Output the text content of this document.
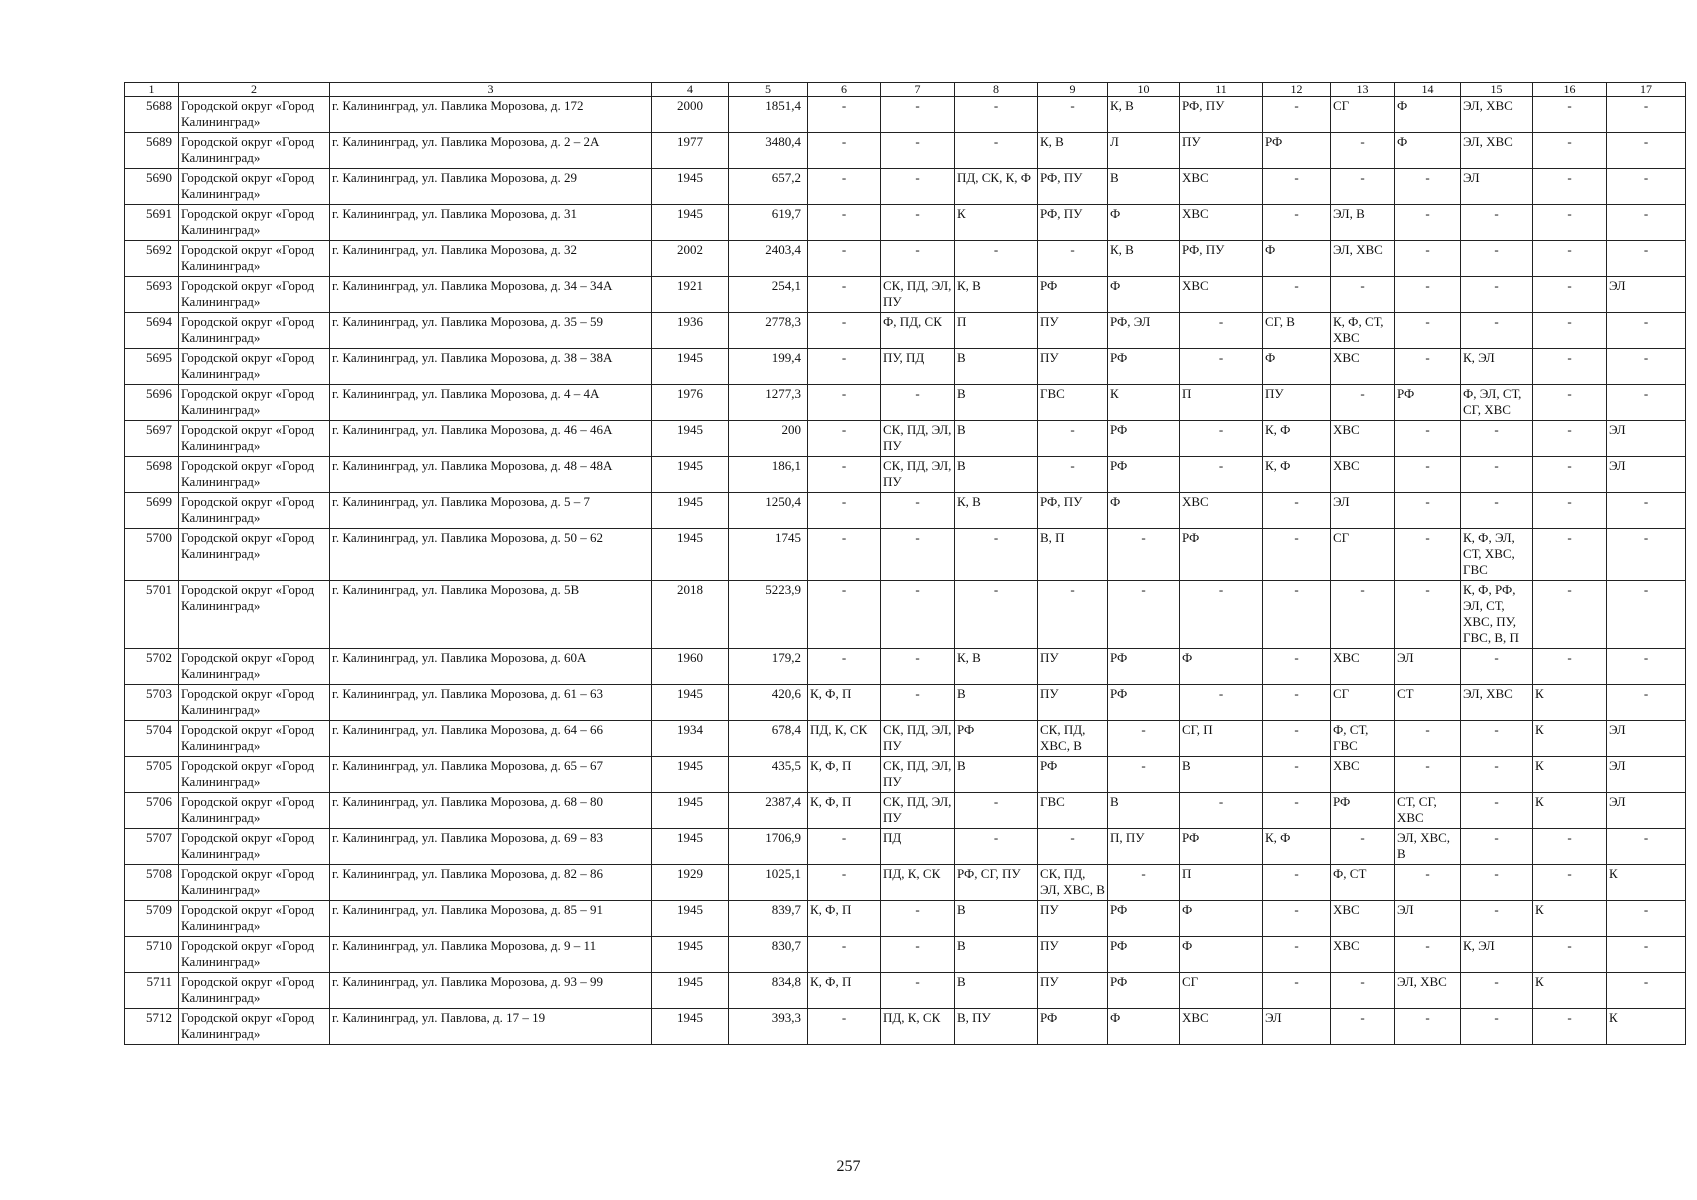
1	2	3	4	5	6	7	8	9	10	11	12	13	14	15	16	17
5688	Городской округ «Город Калининград»	г. Калининград, ул. Павлика Морозова, д. 172	2000	1851,4	-	-	-	-	К, В	РФ, ПУ	-	СГ	Ф	ЭЛ, ХВС	-	-
5689	Городской округ «Город Калининград»	г. Калининград, ул. Павлика Морозова, д. 2 – 2А	1977	3480,4	-	-	-	К, В	Л	ПУ	РФ	-	Ф	ЭЛ, ХВС	-	-
5690	Городской округ «Город Калининград»	г. Калининград, ул. Павлика Морозова, д. 29	1945	657,2	-	-	ПД, СК, К, Ф	РФ, ПУ	В	ХВС	-	-	-	ЭЛ	-	-
5691	Городской округ «Город Калининград»	г. Калининград, ул. Павлика Морозова, д. 31	1945	619,7	-	-	К	РФ, ПУ	Ф	ХВС	-	ЭЛ, В	-	-	-	-
5692	Городской округ «Город Калининград»	г. Калининград, ул. Павлика Морозова, д. 32	2002	2403,4	-	-	-	-	К, В	РФ, ПУ	Ф	ЭЛ, ХВС	-	-	-	-
5693	Городской округ «Город Калининград»	г. Калининград, ул. Павлика Морозова, д. 34 – 34А	1921	254,1	-	СК, ПД, ЭЛ, ПУ	К, В	РФ	Ф	ХВС	-	-	-	-	-	ЭЛ
5694	Городской округ «Город Калининград»	г. Калининград, ул. Павлика Морозова, д. 35 – 59	1936	2778,3	-	Ф, ПД, СК	П	ПУ	РФ, ЭЛ	-	СГ, В	К, Ф, СТ, ХВС	-	-	-	-
5695	Городской округ «Город Калининград»	г. Калининград, ул. Павлика Морозова, д. 38 – 38А	1945	199,4	-	ПУ, ПД	В	ПУ	РФ	-	Ф	ХВС	-	К, ЭЛ	-	-
5696	Городской округ «Город Калининград»	г. Калининград, ул. Павлика Морозова, д. 4 – 4А	1976	1277,3	-	-	В	ГВС	К	П	ПУ	-	РФ	Ф, ЭЛ, СТ, СГ, ХВС	-	-
5697	Городской округ «Город Калининград»	г. Калининград, ул. Павлика Морозова, д. 46 – 46А	1945	200	-	СК, ПД, ЭЛ, ПУ	В	-	РФ	-	К, Ф	ХВС	-	-	-	ЭЛ
5698	Городской округ «Город Калининград»	г. Калининград, ул. Павлика Морозова, д. 48 – 48А	1945	186,1	-	СК, ПД, ЭЛ, ПУ	В	-	РФ	-	К, Ф	ХВС	-	-	-	ЭЛ
5699	Городской округ «Город Калининград»	г. Калининград, ул. Павлика Морозова, д. 5 – 7	1945	1250,4	-	-	К, В	РФ, ПУ	Ф	ХВС	-	ЭЛ	-	-	-	-
5700	Городской округ «Город Калининград»	г. Калининград, ул. Павлика Морозова, д. 50 – 62	1945	1745	-	-	-	В, П	-	РФ	-	СГ	-	К, Ф, ЭЛ, СТ, ХВС, ГВС	-	-
5701	Городской округ «Город Калининград»	г. Калининград, ул. Павлика Морозова, д. 5В	2018	5223,9	-	-	-	-	-	-	-	-	-	К, Ф, РФ, ЭЛ, СТ, ХВС, ПУ, ГВС, В, П	-	-
5702	Городской округ «Город Калининград»	г. Калининград, ул. Павлика Морозова, д. 60А	1960	179,2	-	-	К, В	ПУ	РФ	Ф	-	ХВС	ЭЛ	-	-	-
5703	Городской округ «Город Калининград»	г. Калининград, ул. Павлика Морозова, д. 61 – 63	1945	420,6	К, Ф, П	-	В	ПУ	РФ	-	-	СГ	СТ	ЭЛ, ХВС	К	-
5704	Городской округ «Город Калининград»	г. Калининград, ул. Павлика Морозова, д. 64 – 66	1934	678,4	ПД, К, СК	СК, ПД, ЭЛ, ПУ	РФ	СК, ПД, ХВС, В	-	СГ, П	-	Ф, СТ, ГВС	-	-	К	ЭЛ
5705	Городской округ «Город Калининград»	г. Калининград, ул. Павлика Морозова, д. 65 – 67	1945	435,5	К, Ф, П	СК, ПД, ЭЛ, ПУ	В	РФ	-	В	-	ХВС	-	-	К	ЭЛ
5706	Городской округ «Город Калининград»	г. Калининград, ул. Павлика Морозова, д. 68 – 80	1945	2387,4	К, Ф, П	СК, ПД, ЭЛ, ПУ	-	ГВС	В	-	-	РФ	СТ, СГ, ХВС	-	К	ЭЛ
5707	Городской округ «Город Калининград»	г. Калининград, ул. Павлика Морозова, д. 69 – 83	1945	1706,9	-	ПД	-	-	П, ПУ	РФ	К, Ф	-	ЭЛ, ХВС, В	-	-	-
5708	Городской округ «Город Калининград»	г. Калининград, ул. Павлика Морозова, д. 82 – 86	1929	1025,1	-	ПД, К, СК	РФ, СГ, ПУ	СК, ПД, ЭЛ, ХВС, В	-	П	-	Ф, СТ	-	-	-	К
5709	Городской округ «Город Калининград»	г. Калининград, ул. Павлика Морозова, д. 85 – 91	1945	839,7	К, Ф, П	-	В	ПУ	РФ	Ф	-	ХВС	ЭЛ	-	К	-
5710	Городской округ «Город Калининград»	г. Калининград, ул. Павлика Морозова, д. 9 – 11	1945	830,7	-	-	В	ПУ	РФ	Ф	-	ХВС	-	К, ЭЛ	-	-
5711	Городской округ «Город Калининград»	г. Калининград, ул. Павлика Морозова, д. 93 – 99	1945	834,8	К, Ф, П	-	В	ПУ	РФ	СГ	-	-	ЭЛ, ХВС	-	К	-
5712	Городской округ «Город Калининград»	г. Калининград, ул. Павлова, д. 17 – 19	1945	393,3	-	ПД, К, СК	В, ПУ	РФ	Ф	ХВС	ЭЛ	-	-	-	-	К
257
